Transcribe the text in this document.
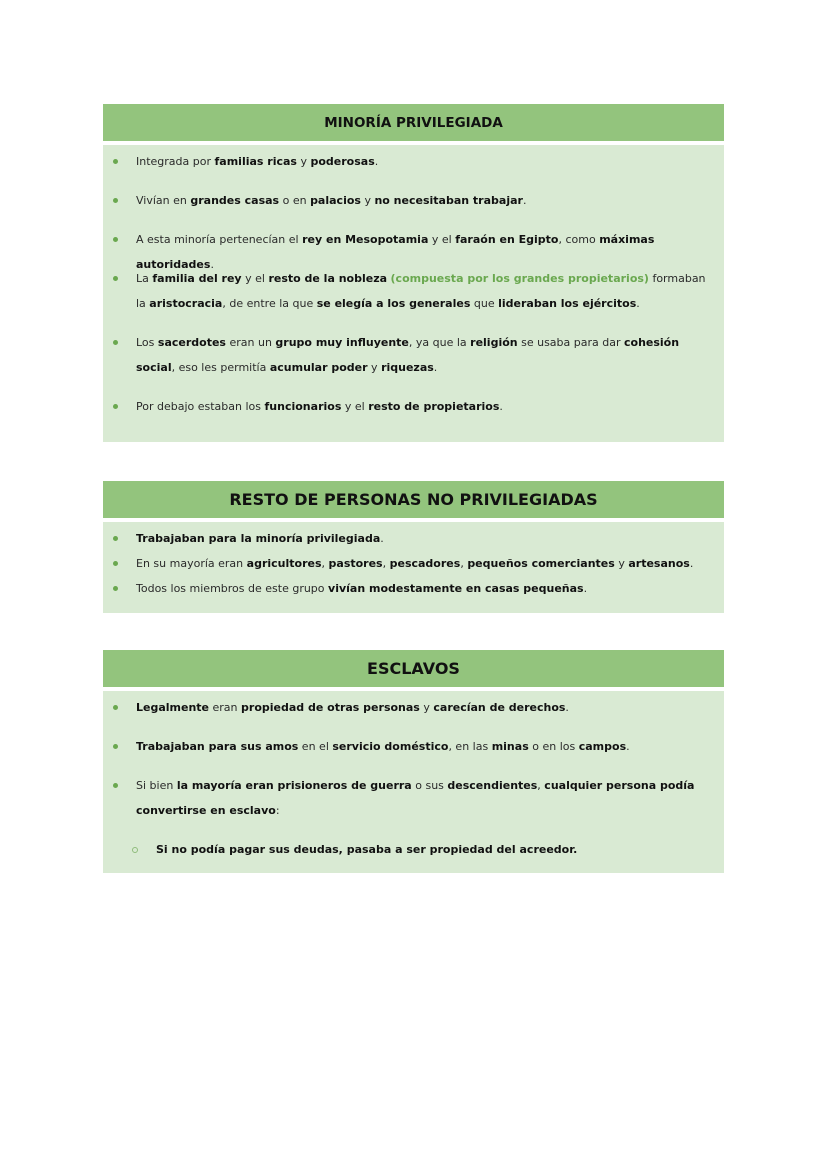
MINORÍA PRIVILEGIADA
Integrada por familias ricas y poderosas.
Vivían en grandes casas o en palacios y no necesitaban trabajar.
A esta minoría pertenecían el rey en Mesopotamia y el faraón en Egipto, como máximas autoridades.
La familia del rey y el resto de la nobleza (compuesta por los grandes propietarios) formaban la aristocracia, de entre la que se elegía a los generales que lideraban los ejércitos.
Los sacerdotes eran un grupo muy influyente, ya que la religión se usaba para dar cohesión social, eso les permitía acumular poder y riquezas.
Por debajo estaban los funcionarios y el resto de propietarios.
RESTO DE PERSONAS NO PRIVILEGIADAS
Trabajaban para la minoría privilegiada.
En su mayoría eran agricultores, pastores, pescadores, pequeños comerciantes y artesanos.
Todos los miembros de este grupo vivían modestamente en casas pequeñas.
ESCLAVOS
Legalmente eran propiedad de otras personas y carecían de derechos.
Trabajaban para sus amos en el servicio doméstico, en las minas o en los campos.
Si bien la mayoría eran prisioneros de guerra o sus descendientes, cualquier persona podía convertirse en esclavo:
Si no podía pagar sus deudas, pasaba a ser propiedad del acreedor.
